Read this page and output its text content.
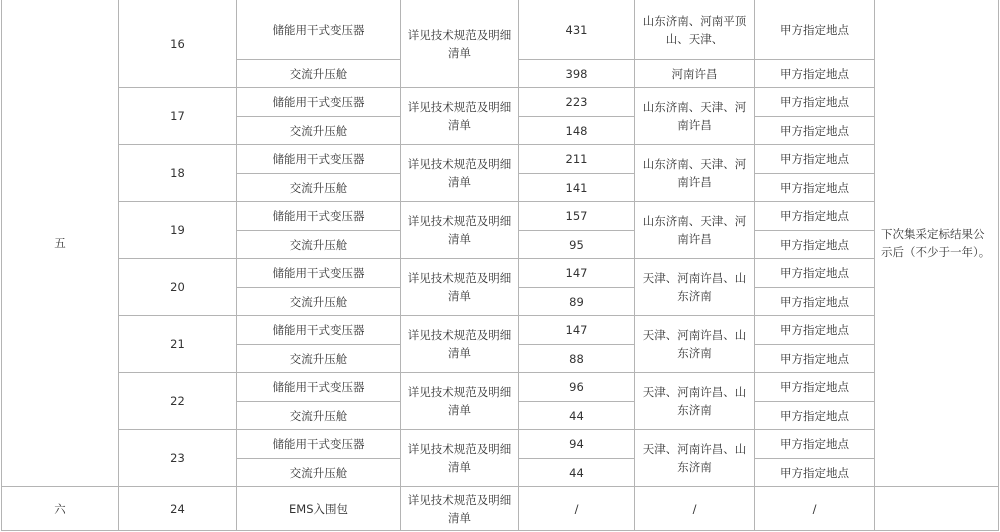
五	16	储能用干式变压器	详见技术规范及明细清单	431	山东济南、河南平顶山、天津、	甲方指定地点	下次集采定标结果公示后（不少于一年）。
		交流升压舱		398	河南许昌	甲方指定地点	
	17	储能用干式变压器	详见技术规范及明细清单	223	山东济南、天津、河南许昌	甲方指定地点	
		交流升压舱		148		甲方指定地点	
	18	储能用干式变压器	详见技术规范及明细清单	211	山东济南、天津、河南许昌	甲方指定地点	
		交流升压舱		141		甲方指定地点	
	19	储能用干式变压器	详见技术规范及明细清单	157	山东济南、天津、河南许昌	甲方指定地点	
		交流升压舱		95		甲方指定地点	
	20	储能用干式变压器	详见技术规范及明细清单	147	天津、河南许昌、山东济南	甲方指定地点	
		交流升压舱		89		甲方指定地点	
	21	储能用干式变压器	详见技术规范及明细清单	147	天津、河南许昌、山东济南	甲方指定地点	
		交流升压舱		88		甲方指定地点	
	22	储能用干式变压器	详见技术规范及明细清单	96	天津、河南许昌、山东济南	甲方指定地点	
		交流升压舱		44		甲方指定地点	
	23	储能用干式变压器	详见技术规范及明细清单	94	天津、河南许昌、山东济南	甲方指定地点	
		交流升压舱		44		甲方指定地点	
六	24	EMS入围包	详见技术规范及明细清单	/	/	/	
